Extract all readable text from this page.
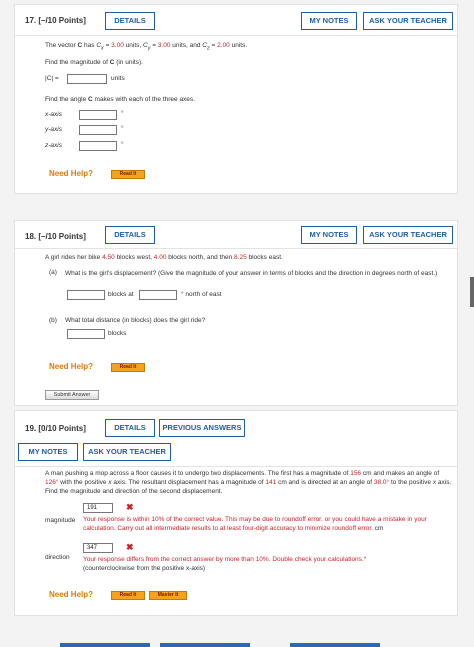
17. [–/10 Points]	DETAILS	MY NOTES	ASK YOUR TEACHER
The vector C has $C_x = 3.00$ units, $C_y = 3.00$ units, and $C_z = 2.00$ units.
Find the magnitude of C (in units).
|C| =	units
Find the angle C makes with each of the three axes.
x-axis	°
y-axis	°
z-axis	°
Need Help?	Read It
18. [–/10 Points]	DETAILS	MY NOTES	ASK YOUR TEACHER
A girl rides her bike 4.50 blocks west, 4.00 blocks north, and then 8.25 blocks east.
(a) What is the girl's displacement? (Give the magnitude of your answer in terms of blocks and the direction in degrees north of east.)
blocks at	° north of east
(b) What total distance (in blocks) does the girl ride?
blocks
Need Help?	Read It
Submit Answer
19. [0/10 Points]	DETAILS	PREVIOUS ANSWERS
MY NOTES	ASK YOUR TEACHER
A man pushing a mop across a floor causes it to undergo two displacements. The first has a magnitude of 156 cm and makes an angle of 126° with the positive x axis. The resultant displacement has a magnitude of 141 cm and is directed at an angle of 38.0° to the positive x axis. Find the magnitude and direction of the second displacement.
191	✖
magnitude Your response is within 10% of the correct value. This may be due to roundoff error, or you could have a mistake in your calculation. Carry out all intermediate results to at least four-digit accuracy to minimize roundoff error. cm
347	✖
direction Your response differs from the correct answer by more than 10%. Double check your calculations.°
(counterclockwise from the positive x-axis)
Need Help?	Read It	Master It
